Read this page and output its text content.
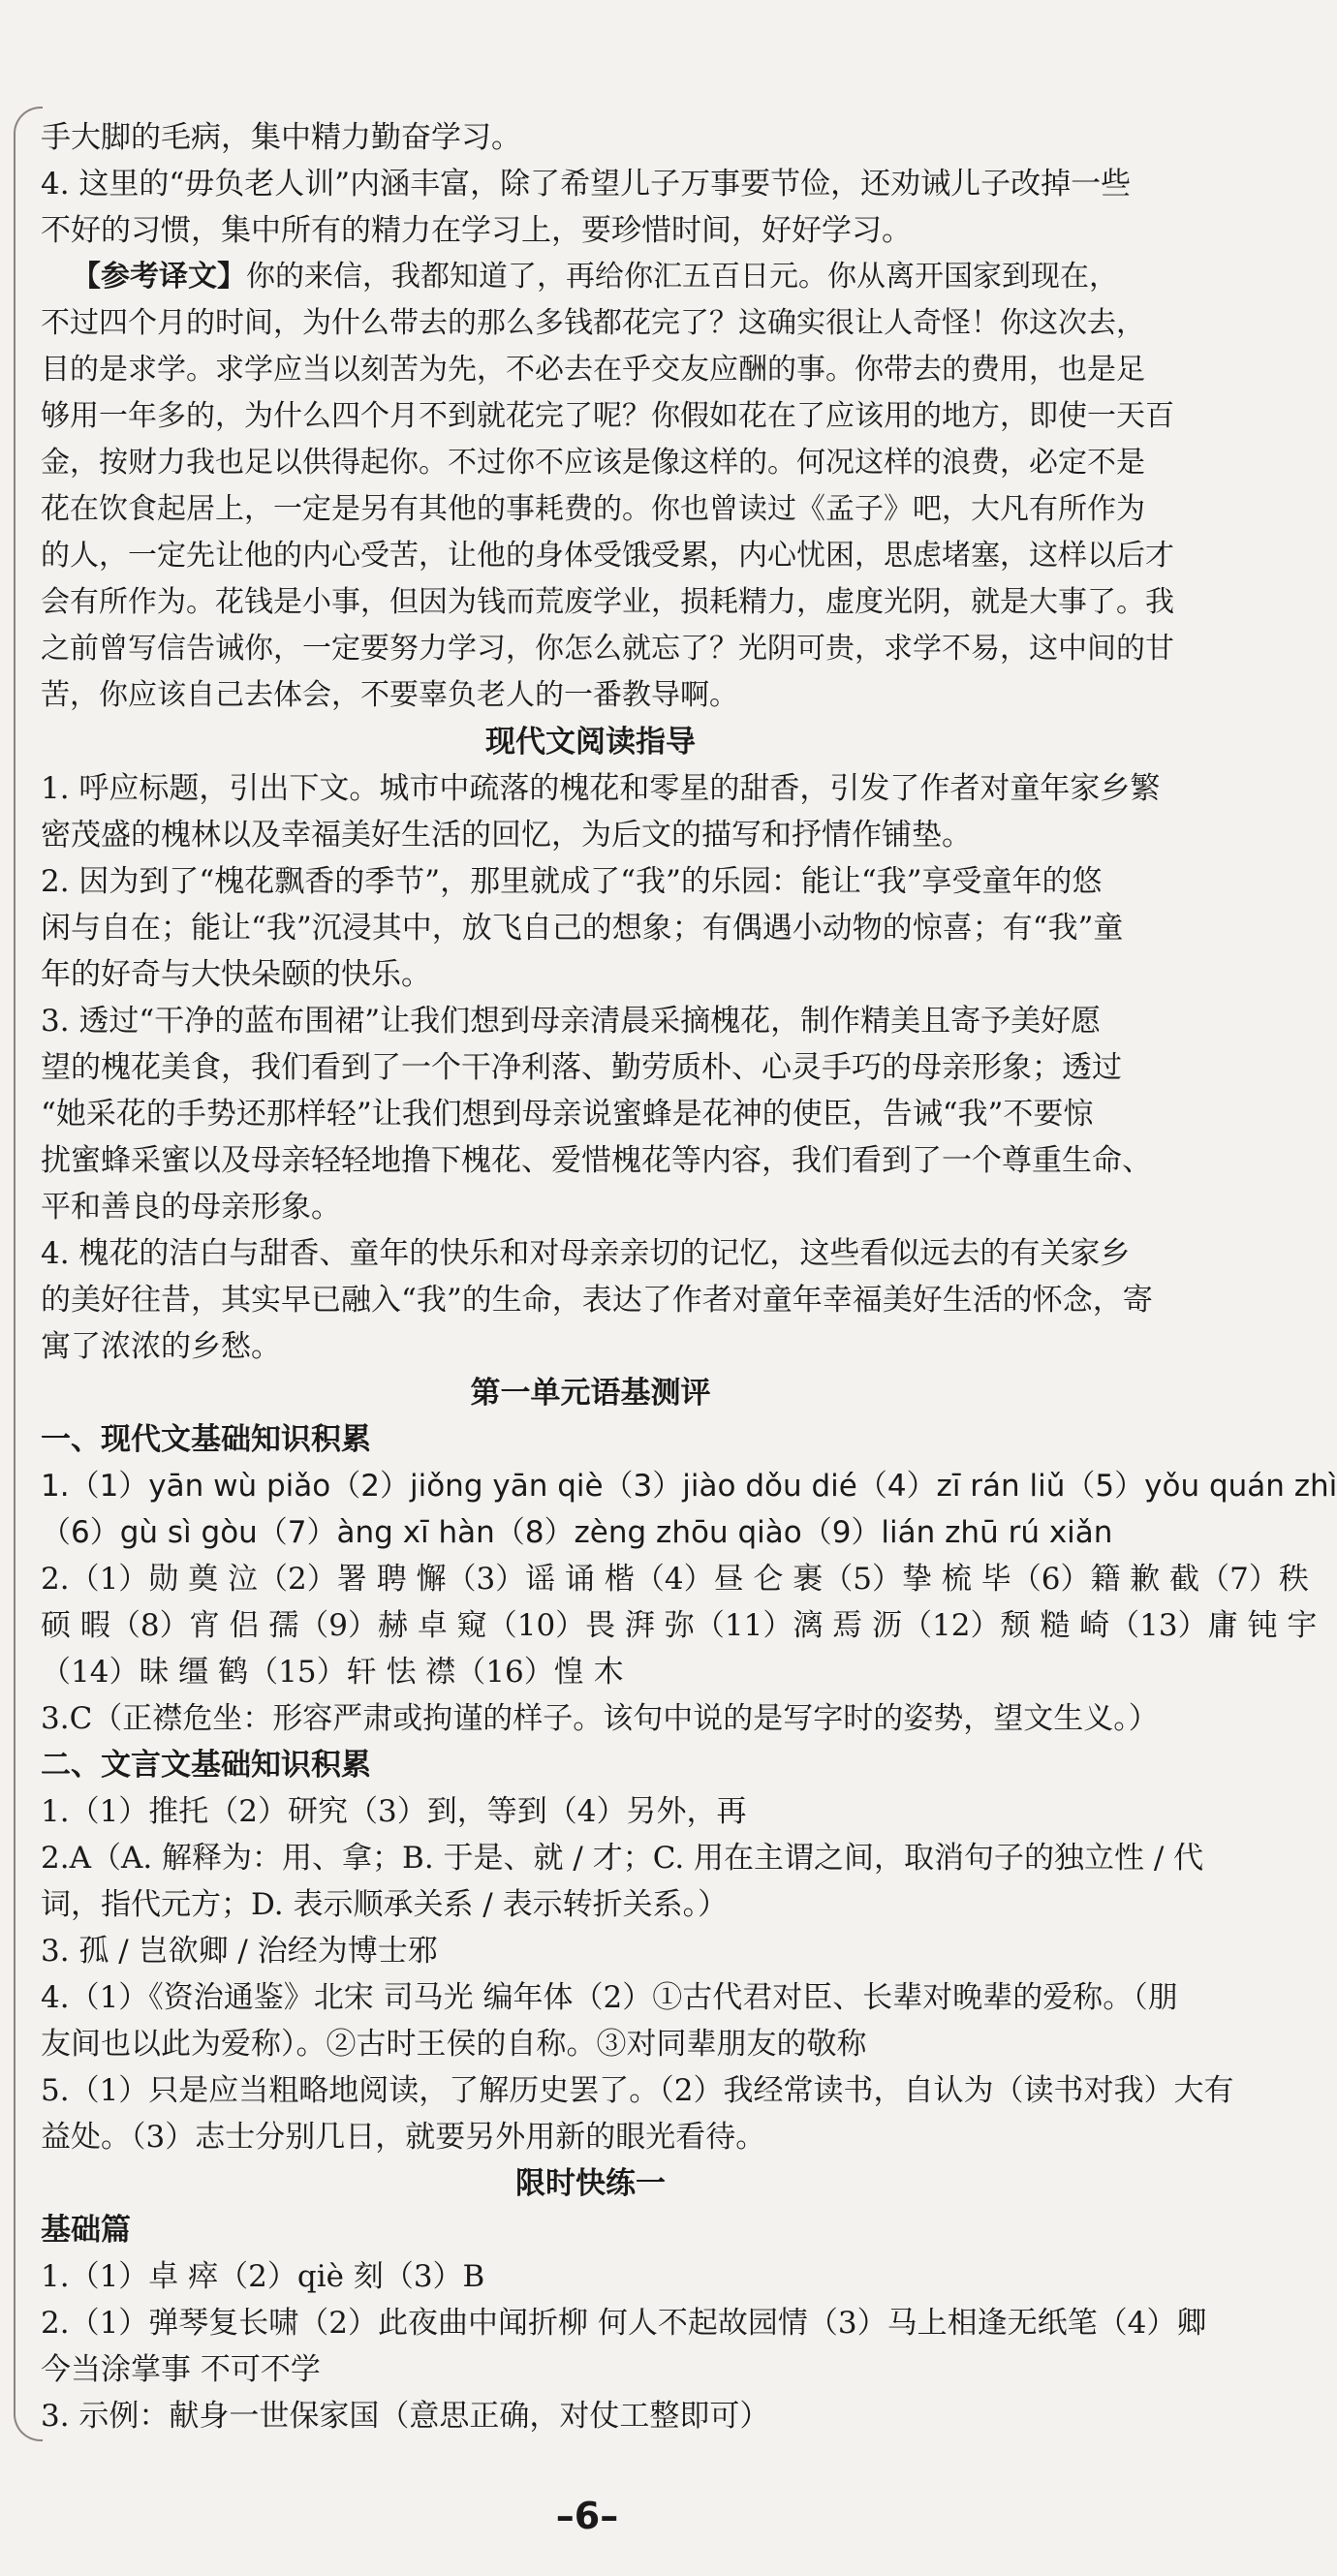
手大脚的毛病，集中精力勤奋学习。
4. 这里的“毋负老人训”内涵丰富，除了希望儿子万事要节俭，还劝诫儿子改掉一些
不好的习惯，集中所有的精力在学习上，要珍惜时间，好好学习。
【参考译文】你的来信，我都知道了，再给你汇五百日元。你从离开国家到现在，
不过四个月的时间，为什么带去的那么多钱都花完了？这确实很让人奇怪！你这次去，
目的是求学。求学应当以刻苦为先，不必去在乎交友应酬的事。你带去的费用，也是足
够用一年多的，为什么四个月不到就花完了呢？你假如花在了应该用的地方，即使一天百
金，按财力我也足以供得起你。不过你不应该是像这样的。何况这样的浪费，必定不是
花在饮食起居上，一定是另有其他的事耗费的。你也曾读过《孟子》吧，大凡有所作为
的人，一定先让他的内心受苦，让他的身体受饿受累，内心忧困，思虑堵塞，这样以后才
会有所作为。花钱是小事，但因为钱而荒废学业，损耗精力，虚度光阴，就是大事了。我
之前曾写信告诫你，一定要努力学习，你怎么就忘了？光阴可贵，求学不易，这中间的甘
苦，你应该自己去体会，不要辜负老人的一番教导啊。
现代文阅读指导
1. 呼应标题，引出下文。城市中疏落的槐花和零星的甜香，引发了作者对童年家乡繁
密茂盛的槐林以及幸福美好生活的回忆，为后文的描写和抒情作铺垫。
2. 因为到了“槐花飘香的季节”，那里就成了“我”的乐园：能让“我”享受童年的悠
闲与自在；能让“我”沉浸其中，放飞自己的想象；有偶遇小动物的惊喜；有“我”童
年的好奇与大快朵颐的快乐。
3. 透过“干净的蓝布围裙”让我们想到母亲清晨采摘槐花，制作精美且寄予美好愿
望的槐花美食，我们看到了一个干净利落、勤劳质朴、心灵手巧的母亲形象；透过
“她采花的手势还那样轻”让我们想到母亲说蜜蜂是花神的使臣，告诫“我”不要惊
扰蜜蜂采蜜以及母亲轻轻地撸下槐花、爱惜槐花等内容，我们看到了一个尊重生命、
平和善良的母亲形象。
4. 槐花的洁白与甜香、童年的快乐和对母亲亲切的记忆，这些看似远去的有关家乡
的美好往昔，其实早已融入“我”的生命，表达了作者对童年幸福美好生活的怀念，寄
寓了浓浓的乡愁。
第一单元语基测评
一、现代文基础知识积累
1.（1）yān wù piǎo（2）jiǒng yān qiè（3）jiào dǒu dié（4）zī rán liǔ（5）yǒu quán zhì
（6）gù sì gòu（7）àng xī hàn（8）zèng zhōu qiào（9）lián zhū rú xiǎn
2.（1）勋 奠 泣（2）署 聘 懈（3）谣 诵 楷（4）昼 仑 裹（5）挚 梳 毕（6）籍 歉 截（7）秩
硕 暇（8）宵 侣 孺（9）赫 卓 窥（10）畏 湃 弥（11）漓 焉 沥（12）颓 糙 崎（13）庸 钝 宇
（14）昧 缰 鹤（15）轩 怯 襟（16）惶 木
3.C（正襟危坐：形容严肃或拘谨的样子。该句中说的是写字时的姿势，望文生义。）
二、文言文基础知识积累
1.（1）推托（2）研究（3）到，等到（4）另外，再
2.A（A. 解释为：用、拿；B. 于是、就 / 才；C. 用在主谓之间，取消句子的独立性 / 代
词，指代元方；D. 表示顺承关系 / 表示转折关系。）
3. 孤 / 岂欲卿 / 治经为博士邪
4.（1）《资治通鉴》北宋 司马光 编年体（2）①古代君对臣、长辈对晚辈的爱称。（朋
友间也以此为爱称）。②古时王侯的自称。③对同辈朋友的敬称
5.（1）只是应当粗略地阅读，了解历史罢了。（2）我经常读书，自认为（读书对我）大有
益处。（3）志士分别几日，就要另外用新的眼光看待。
限时快练一
基础篇
1.（1）卓 瘁（2）qiè 刻（3）B
2.（1）弹琴复长啸（2）此夜曲中闻折柳 何人不起故园情（3）马上相逢无纸笔（4）卿
今当涂掌事 不可不学
3. 示例：献身一世保家国（意思正确，对仗工整即可）
–6–
